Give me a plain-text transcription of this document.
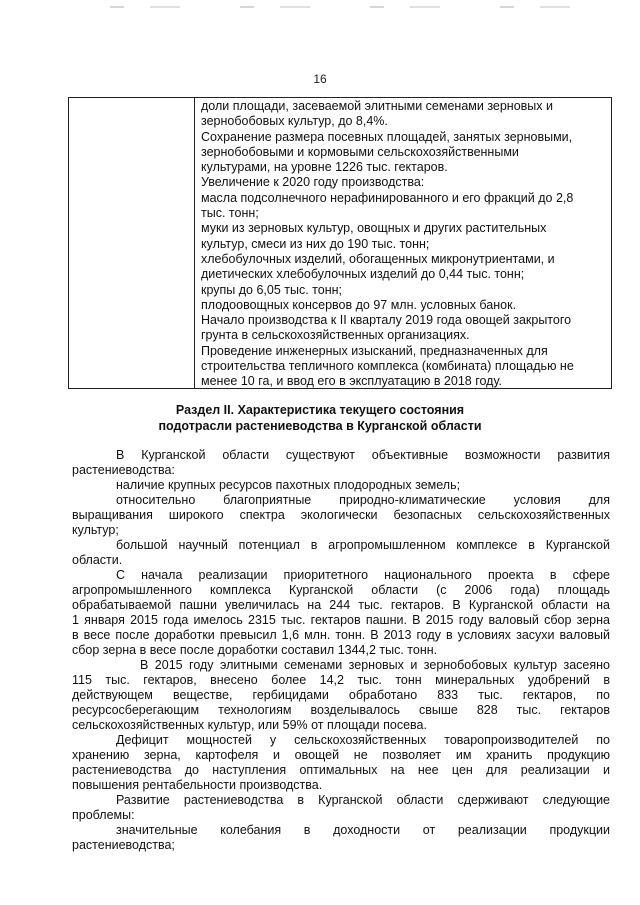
16
доли площади, засеваемой элитными семенами зерновых и
зернобобовых культур, до 8,4%.
Сохранение размера посевных площадей, занятых зерновыми,
зернобобовыми и кормовыми сельскохозяйственными
культурами, на уровне 1226 тыс. гектаров.
Увеличение к 2020 году производства:
масла подсолнечного нерафинированного и его фракций до 2,8
тыс. тонн;
муки из зерновых культур, овощных и других растительных
культур, смеси из них до 190 тыс. тонн;
хлебобулочных изделий, обогащенных микронутриентами, и
диетических хлебобулочных изделий до 0,44 тыс. тонн;
крупы до 6,05 тыс. тонн;
плодоовощных консервов до 97 млн. условных банок.
Начало производства к II кварталу 2019 года овощей закрытого
грунта в сельскохозяйственных организациях.
Проведение инженерных изысканий, предназначенных для
строительства тепличного комплекса (комбината) площадью не
менее 10 га, и ввод его в эксплуатацию в 2018 году.
Раздел II. Характеристика текущего состояния
подотрасли растениеводства в Курганской области
В Курганской области существуют объективные возможности развития
растениеводства:
наличие крупных ресурсов пахотных плодородных земель;
относительно благоприятные природно-климатические условия для
выращивания широкого спектра экологически безопасных сельскохозяйственных
культур;
большой научный потенциал в агропромышленном комплексе в Курганской
области.
С начала реализации приоритетного национального проекта в сфере
агропромышленного комплекса Курганской области (с 2006 года) площадь
обрабатываемой пашни увеличилась на 244 тыс. гектаров. В Курганской области на
1 января 2015 года имелось 2315 тыс. гектаров пашни. В 2015 году валовый сбор зерна
в весе после доработки превысил 1,6 млн. тонн. В 2013 году в условиях засухи валовый
сбор зерна в весе после доработки составил 1344,2 тыс. тонн.
В 2015 году элитными семенами зерновых и зернобобовых культур засеяно
115 тыс. гектаров, внесено более 14,2 тыс. тонн минеральных удобрений в
действующем веществе, гербицидами обработано 833 тыс. гектаров, по
ресурсосберегающим технологиям возделывалось свыше 828 тыс. гектаров
сельскохозяйственных культур, или 59% от площади посева.
Дефицит мощностей у сельскохозяйственных товаропроизводителей по
хранению зерна, картофеля и овощей не позволяет им хранить продукцию
растениеводства до наступления оптимальных на нее цен для реализации и
повышения рентабельности производства.
Развитие растениеводства в Курганской области сдерживают следующие
проблемы:
значительные колебания в доходности от реализации продукции
растениеводства;
